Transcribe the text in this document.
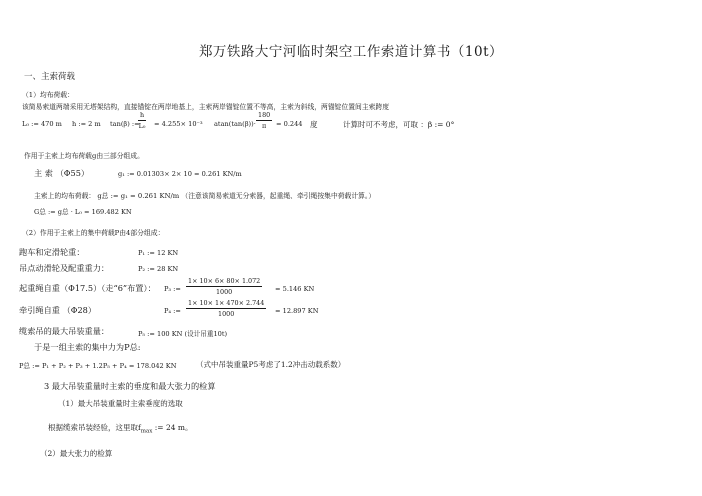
郑万铁路大宁河临时架空工作索道计算书（10t）
一、主索荷载
（1）均布荷载：
该简易索道两端采用无塔架结构，直接锚锭在两岸地基上，主索两岸锚锭位置不等高，主索为斜线，两锚锭位置间主索跨度
L₀ := 470 m h := 2 m tan(β) :=
$\frac{h}{\text{L₀}} = 4.255\times 10^{-3}$ $atan(\tan(\beta))\cdot \frac{180}{\pi} = 0.244$ 度	计算时可不考虑，可取 ：β := 0°
作用于主索上均布荷载g由三部分组成。
主 索 （Φ55）	g₁ := 0.01303× 2× 10 = 0.261 KN/m
主索上的均布荷载： g总 := g₁ = 0.261 KN/m （注意该简易索道无分索器，起重绳、牵引绳按集中荷载计算。）
G总 := g总 · L₀ = 169.482 KN
（2）作用于主索上的集中荷载P由4部分组成：
跑车和定滑轮重：	P₁ := 12 KN
吊点动滑轮及配重重力：	P₂ := 28 KN
起重绳自重（Φ17.5）（走“6”布置）： P₃ := $\frac{1\times 10\times 6\times 80\times 1.072}{1000} = 5.146$ KN
牵引绳自重 （Φ28）	P₄ := $\frac{1\times 10\times 1\times 470\times 2.744}{1000} = 12.897$ KN
缆索吊的最大吊装重量：	P₅ := 100 KN (设计吊重10t)
于是一组主索的集中力为P总:
P总 := P₁ + P₂ + P₃ + 1.2P₅ + P₄ = 178.042 KN	（式中吊装重量P5考虑了1.2冲击动载系数）
3 最大吊装重量时主索的垂度和最大张力的检算
（1）最大吊装重量时主索垂度的选取
根据缆索吊装经验，这里取$f_{max}$ := 24 m。
（2）最大张力的检算
